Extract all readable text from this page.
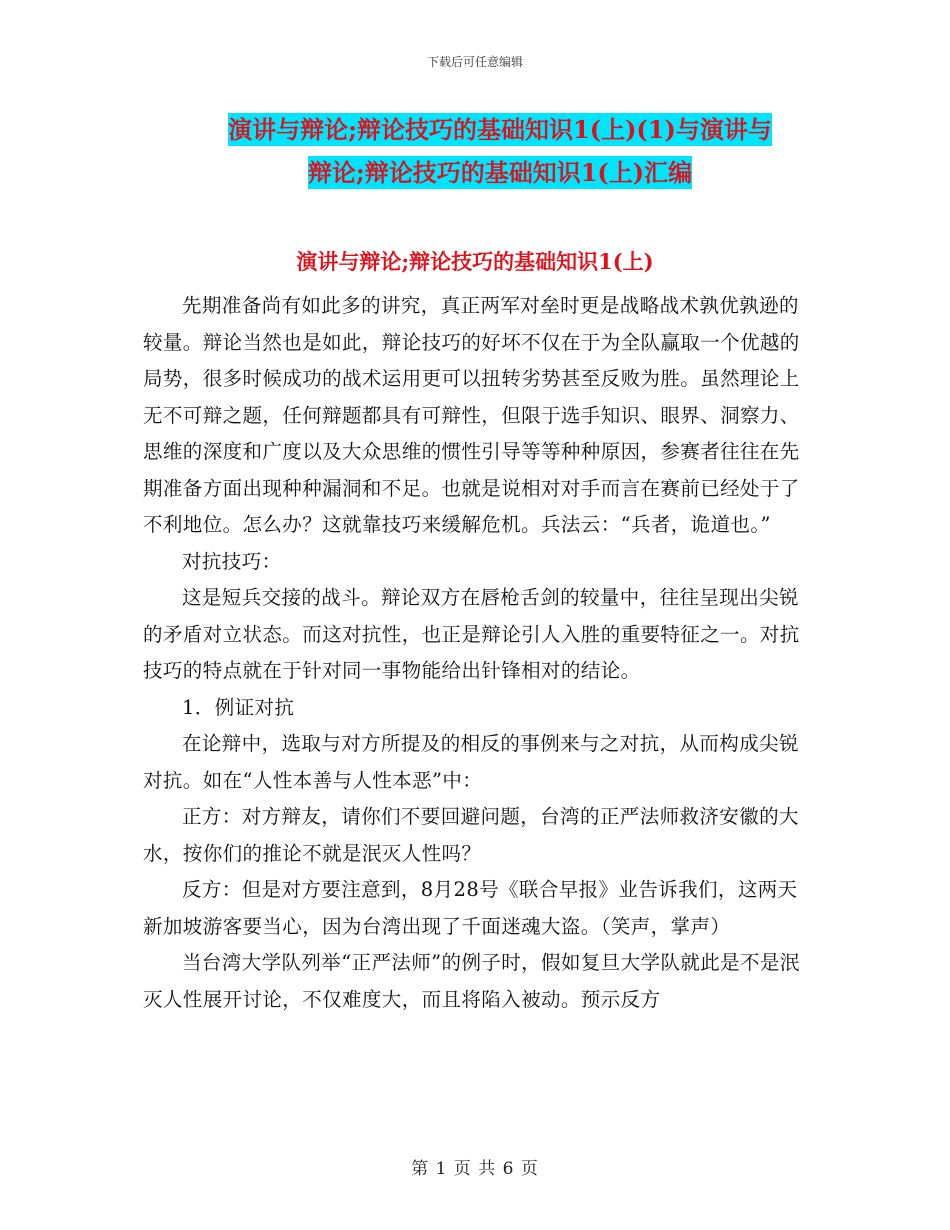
下载后可任意编辑
演讲与辩论;辩论技巧的基础知识1(上)(1)与演讲与
辩论;辩论技巧的基础知识1(上)汇编
演讲与辩论;辩论技巧的基础知识1(上)

先期准备尚有如此多的讲究，真正两军对垒时更是战略战术孰优孰逊的较量。辩论当然也是如此，辩论技巧的好坏不仅在于为全队赢取一个优越的局势，很多时候成功的战术运用更可以扭转劣势甚至反败为胜。虽然理论上无不可辩之题，任何辩题都具有可辩性，但限于选手知识、眼界、洞察力、思维的深度和广度以及大众思维的惯性引导等等种种原因，参赛者往往在先期准备方面出现种种漏洞和不足。也就是说相对对手而言在赛前已经处于了不利地位。怎么办？这就靠技巧来缓解危机。兵法云：“兵者，诡道也。”

对抗技巧：

这是短兵交接的战斗。辩论双方在唇枪舌剑的较量中，往往呈现出尖锐的矛盾对立状态。而这对抗性，也正是辩论引人入胜的重要特征之一。对抗技巧的特点就在于针对同一事物能给出针锋相对的结论。

1．例证对抗

在论辩中，选取与对方所提及的相反的事例来与之对抗，从而构成尖锐对抗。如在“人性本善与人性本恶”中：

正方：对方辩友，请你们不要回避问题，台湾的正严法师救济安徽的大水，按你们的推论不就是泯灭人性吗？

反方：但是对方要注意到，8月28号《联合早报》业告诉我们，这两天新加坡游客要当心，因为台湾出现了千面迷魂大盗。（笑声，掌声）

当台湾大学队列举“正严法师”的例子时，假如复旦大学队就此是不是泯灭人性展开讨论，不仅难度大，而且将陷入被动。预示反方

第 1 页 共 6 页
